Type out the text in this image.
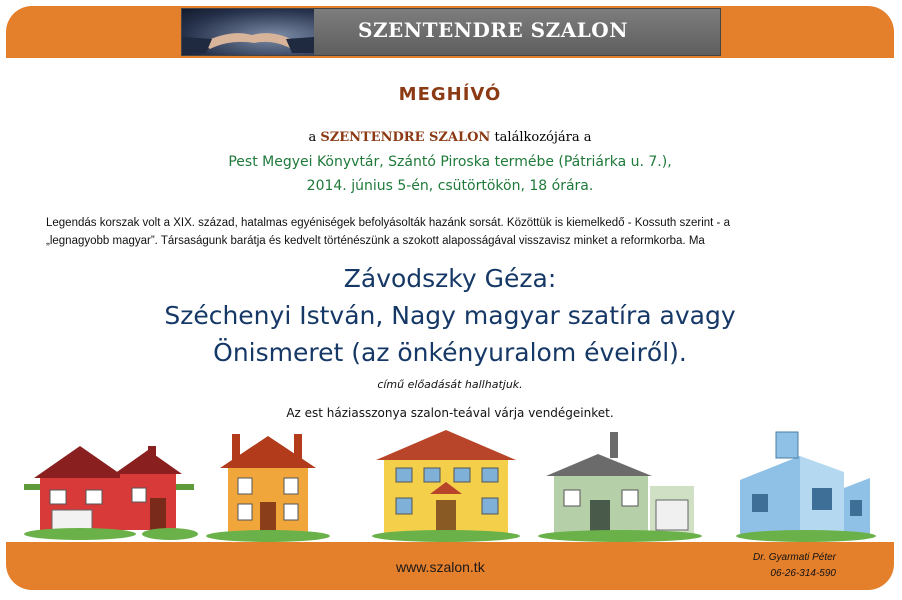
MEGHÍVÓ
a SZENTENDRE SZALON találkozójára a
Pest Megyei Könyvtár, Szántó Piroska termébe (Pátriárka u. 7.),
2014. június 5-én, csütörtökön, 18 órára.
Legendás korszak volt a XIX. század, hatalmas egyéniségek befolyásolták hazánk sorsát. Közöttük is kiemelkedő - Kossuth szerint - a
„legnagyobb magyar”. Társaságunk barátja és kedvelt történészünk a szokott alaposságával visszavisz minket a reformkorba. Ma
Závodszky Géza:
Széchenyi István, Nagy magyar szatíra avagy
Önismeret (az önkényuralom éveiről).
című előadását hallhatjuk.
Az est háziasszonya szalon-teával várja vendégeinket.
SZENTENDRE SZALON
www.szalon.tk
Dr. Gyarmati Péter
06-26-314-590
